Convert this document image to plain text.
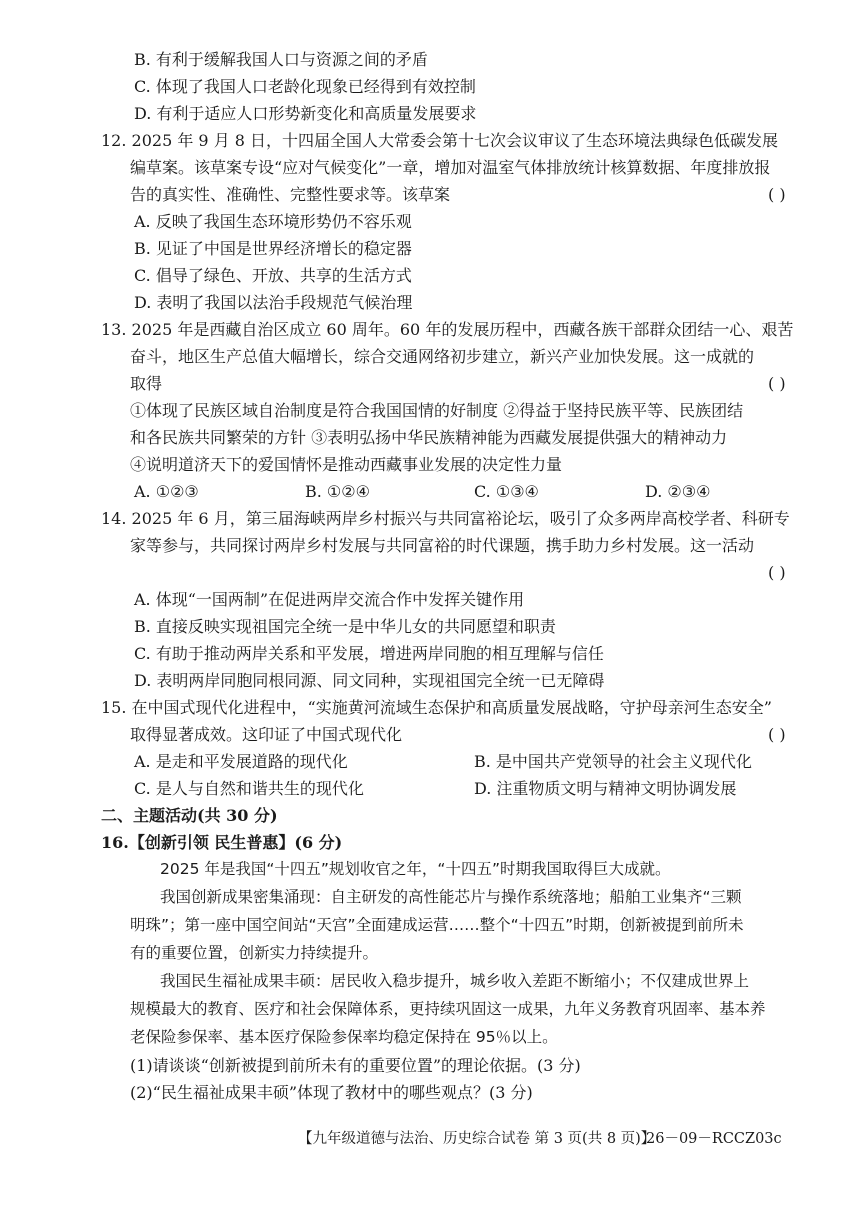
B. 有利于缓解我国人口与资源之间的矛盾
C. 体现了我国人口老龄化现象已经得到有效控制
D. 有利于适应人口形势新变化和高质量发展要求
12. 2025 年 9 月 8 日，十四届全国人大常委会第十七次会议审议了生态环境法典绿色低碳发展
编草案。该草案专设“应对气候变化”一章，增加对温室气体排放统计核算数据、年度排放报
告的真实性、准确性、完整性要求等。该草案	( )
A. 反映了我国生态环境形势仍不容乐观
B. 见证了中国是世界经济增长的稳定器
C. 倡导了绿色、开放、共享的生活方式
D. 表明了我国以法治手段规范气候治理
13. 2025 年是西藏自治区成立 60 周年。60 年的发展历程中，西藏各族干部群众团结一心、艰苦
奋斗，地区生产总值大幅增长，综合交通网络初步建立，新兴产业加快发展。这一成就的
取得	( )
①体现了民族区域自治制度是符合我国国情的好制度 ②得益于坚持民族平等、民族团结
和各民族共同繁荣的方针 ③表明弘扬中华民族精神能为西藏发展提供强大的精神动力
④说明道济天下的爱国情怀是推动西藏事业发展的决定性力量
A. ①②③	B. ①②④	C. ①③④	D. ②③④
14. 2025 年 6 月，第三届海峡两岸乡村振兴与共同富裕论坛，吸引了众多两岸高校学者、科研专
家等参与，共同探讨两岸乡村发展与共同富裕的时代课题，携手助力乡村发展。这一活动
( )
A. 体现“一国两制”在促进两岸交流合作中发挥关键作用
B. 直接反映实现祖国完全统一是中华儿女的共同愿望和职责
C. 有助于推动两岸关系和平发展，增进两岸同胞的相互理解与信任
D. 表明两岸同胞同根同源、同文同种，实现祖国完全统一已无障碍
15. 在中国式现代化进程中，“实施黄河流域生态保护和高质量发展战略，守护母亲河生态安全”
取得显著成效。这印证了中国式现代化	( )
A. 是走和平发展道路的现代化	B. 是中国共产党领导的社会主义现代化
C. 是人与自然和谐共生的现代化	D. 注重物质文明与精神文明协调发展
二、主题活动(共 30 分)
16.【创新引领 民生普惠】(6 分)
2025 年是我国“十四五”规划收官之年，“十四五”时期我国取得巨大成就。
我国创新成果密集涌现：自主研发的高性能芯片与操作系统落地；船舶工业集齐“三颗
明珠”；第一座中国空间站“天宫”全面建成运营……整个“十四五”时期，创新被提到前所未
有的重要位置，创新实力持续提升。
我国民生福祉成果丰硕：居民收入稳步提升，城乡收入差距不断缩小；不仅建成世界上
规模最大的教育、医疗和社会保障体系，更持续巩固这一成果，九年义务教育巩固率、基本养
老保险参保率、基本医疗保险参保率均稳定保持在 95％以上。
(1)请谈谈“创新被提到前所未有的重要位置”的理论依据。(3 分)
(2)“民生福祉成果丰硕”体现了教材中的哪些观点？(3 分)
【九年级道德与法治、历史综合试卷 第 3 页(共 8 页)】
26－09－RCCZ03c
